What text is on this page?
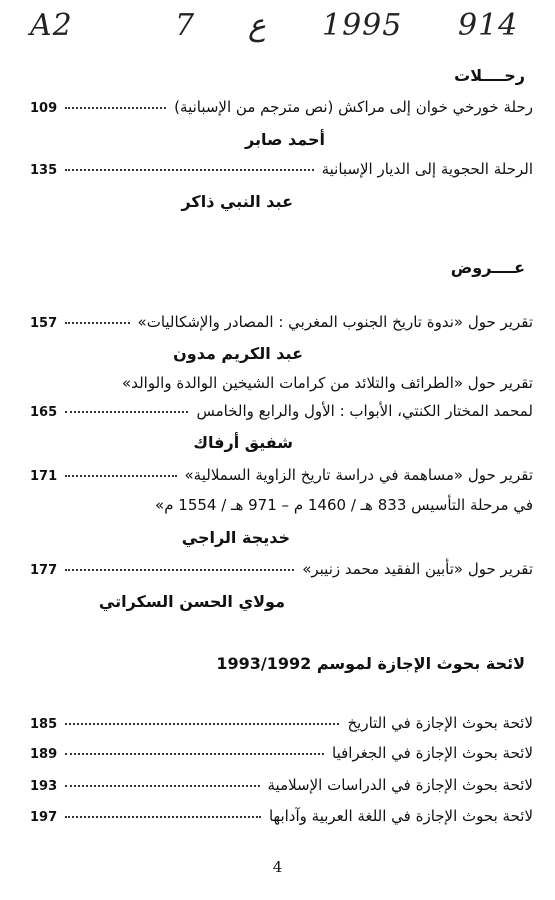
A2	7 ع 1995 914
رحــــلات
رحلة خورخي خوان إلى مراكش (نص مترجم من الإسبانية)
109
أحمد صابر
الرحلة الحجوية إلى الديار الإسبانية
135
عبد النبي ذاكر
عــــروض
تقرير حول «ندوة تاريخ الجنوب المغربي : المصادر والإشكاليات»
157
عبد الكريم مدون
تقرير حول «الطرائف والتلائد من كرامات الشيخين الوالدة والوالد»
لمحمد المختار الكنتي، الأبواب : الأول والرابع والخامس
165
شفيق أرفاك
تقرير حول «مساهمة في دراسة تاريخ الزاوية السملالية»
171
في مرحلة التأسيس 833 هـ / 1460 م – 971 هـ / 1554 م»
خديجة الراجي
تقرير حول «تأبين الفقيد محمد زنيبر»
177
مولاي الحسن السكراتي
لائحة بحوث الإجازة لموسم 1993/1992
لائحة بحوث الإجازة في التاريخ
185
لائحة بحوث الإجازة في الجغرافيا
189
لائحة بحوث الإجازة في الدراسات الإسلامية
193
لائحة بحوث الإجازة في اللغة العربية وآدابها
197
4
